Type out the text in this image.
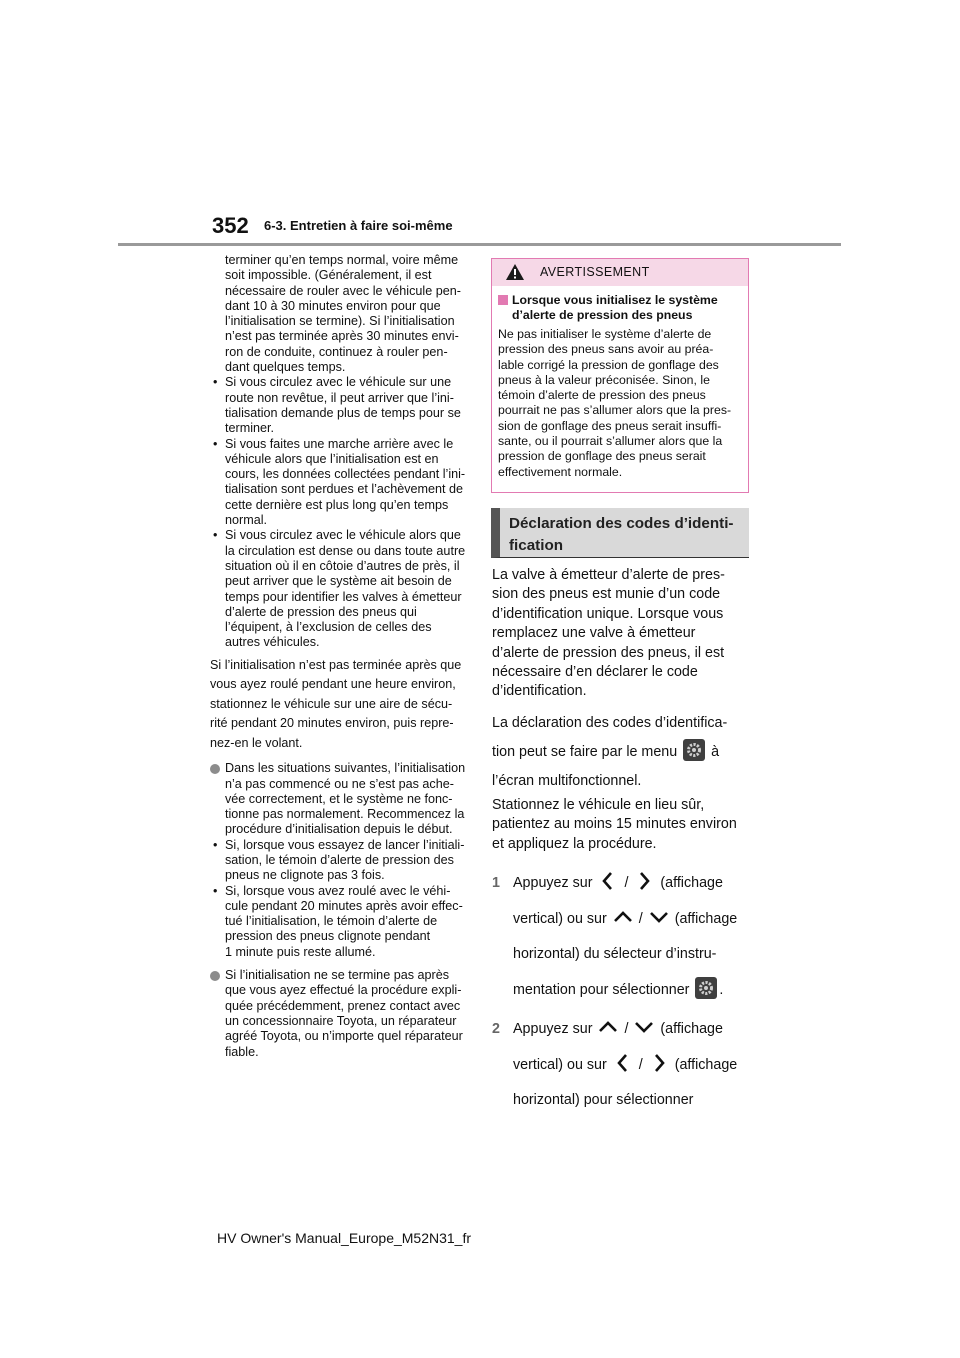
352 6-3. Entretien à faire soi-même

terminer qu’en temps normal, voire même

soit impossible. (Généralement, il est

nécessaire de rouler avec le véhicule pen-

dant 10 à 30 minutes environ pour que

l’initialisation se termine). Si l’initialisation

n’est pas terminée après 30 minutes envi-

ron de conduite, continuez à rouler pen-

dant quelques temps.

• Si vous circulez avec le véhicule sur une

route non revêtue, il peut arriver que l’ini-

tialisation demande plus de temps pour se

terminer.

• Si vous faites une marche arrière avec le

véhicule alors que l’initialisation est en

cours, les données collectées pendant l’ini-

tialisation sont perdues et l’achèvement de

cette dernière est plus long qu’en temps

normal.

• Si vous circulez avec le véhicule alors que

la circulation est dense ou dans toute autre

situation où il en côtoie d’autres de près, il

peut arriver que le système ait besoin de

temps pour identifier les valves à émetteur

d’alerte de pression des pneus qui

l’équipent, à l’exclusion de celles des

autres véhicules.

Si l’initialisation n’est pas terminée après que

vous ayez roulé pendant une heure environ,

stationnez le véhicule sur une aire de sécu-

rité pendant 20 minutes environ, puis repre-

nez-en le volant.

Dans les situations suivantes, l’initialisation

n’a pas commencé ou ne s’est pas ache-

vée correctement, et le système ne fonc-

tionne pas normalement. Recommencez la

procédure d’initialisation depuis le début.

• Si, lorsque vous essayez de lancer l’initiali-

sation, le témoin d’alerte de pression des

pneus ne clignote pas 3 fois.

• Si, lorsque vous avez roulé avec le véhi-

cule pendant 20 minutes après avoir effec-

tué l’initialisation, le témoin d’alerte de

pression des pneus clignote pendant

1 minute puis reste allumé.

Si l’initialisation ne se termine pas après

que vous ayez effectué la procédure expli-

quée précédemment, prenez contact avec

un concessionnaire Toyota, un réparateur

agréé Toyota, ou n’importe quel réparateur

fiable.

AVERTISSEMENT

Lorsque vous initialisez le système

d’alerte de pression des pneus

Ne pas initialiser le système d’alerte de

pression des pneus sans avoir au préa-

lable corrigé la pression de gonflage des

pneus à la valeur préconisée. Sinon, le

témoin d’alerte de pression des pneus

pourrait ne pas s’allumer alors que la pres-

sion de gonflage des pneus serait insuffi-

sante, ou il pourrait s’allumer alors que la

pression de gonflage des pneus serait

effectivement normale.

Déclaration des codes d’identi-
fication

La valve à émetteur d’alerte de pres-

sion des pneus est munie d’un code

d’identification unique. Lorsque vous

remplacez une valve à émetteur

d’alerte de pression des pneus, il est

nécessaire d’en déclarer le code

d’identification.

La déclaration des codes d’identifica-

tion peut se faire par le menu à

l’écran multifonctionnel.

Stationnez le véhicule en lieu sûr,

patientez au moins 15 minutes environ

et appliquez la procédure.

1 Appuyez sur / (affichage

vertical) ou sur / (affichage

horizontal) du sélecteur d’instru-

mentation pour sélectionner .

2 Appuyez sur / (affichage

vertical) ou sur / (affichage

horizontal) pour sélectionner

HV Owner's Manual_Europe_M52N31_fr
